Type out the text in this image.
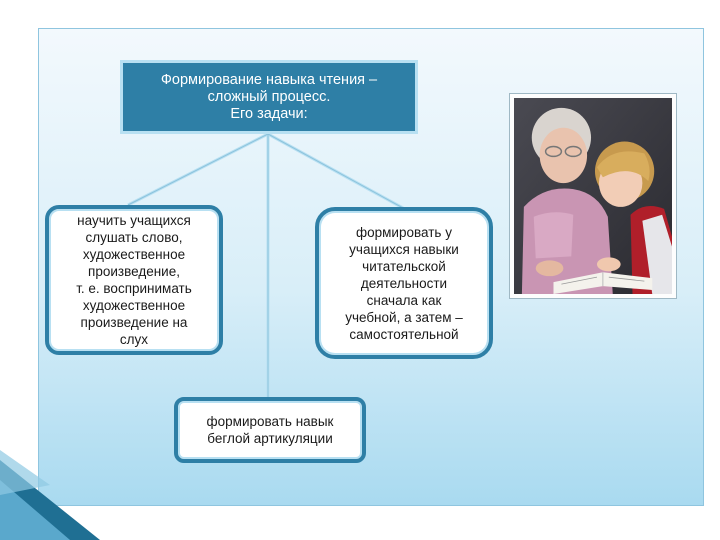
Формирование навыка чтения –
сложный процесс.
Его задачи:
научить учащихся
слушать слово,
художественное
произведение,
т. е. воспринимать
художественное
произведение на
слух
формировать у
учащихся навыки
читательской
деятельности
сначала как
учебной, а затем –
самостоятельной
формировать навык
беглой артикуляции
